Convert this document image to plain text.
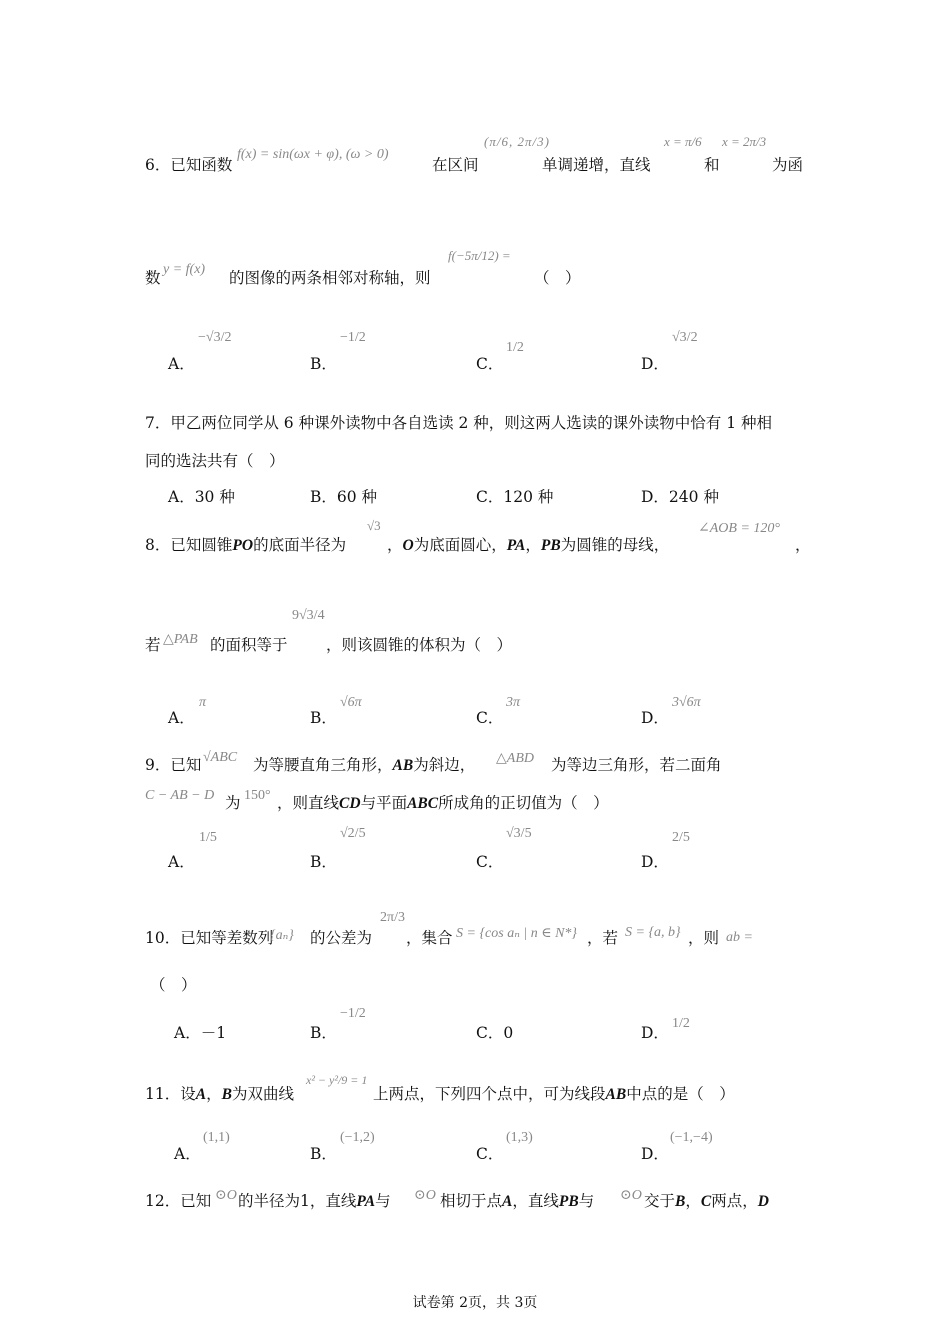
6．已知函数
f(x) = sin(ωx + φ), (ω > 0)
在区间
(π/6, 2π/3)
单调递增，直线
x = π/6
和
x = 2π/3
为函
数 y = f(x) 的图像的两条相邻对称轴，则
f(−5π/12) =
（　）
A．
−√3/2
B．
−1/2
C．
1/2
D．
√3/2
7．甲乙两位同学从 6 种课外读物中各自选读 2 种，则这两人选读的课外读物中恰有 1 种相
同的选法共有（　）
A．30 种	B．60 种	C．120 种	D．240 种
8．已知圆锥PO的底面半径为
√3
，O为底面圆心，PA，PB为圆锥的母线，
∠AOB = 120°
，
若 △PAB 的面积等于
9√3/4
，则该圆锥的体积为（　）
A．
π
B．
√6π
C．
3π
D．
3√6π
9．已知 √ABC 为等腰直角三角形，AB为斜边， △ABD 为等边三角形，若二面角
C − AB − D 为 150° ，则直线CD与平面ABC所成角的正切值为（　）
A．
1/5
B．
√2/5
C．
√3/5
D．
2/5
10．已知等差数列
{aₙ} 的公差为
2π/3
，集合 S = {cos aₙ | n ∈ N*} ，若 S = {a, b} ，则 ab =
（　）
A．－1	B．
−1/2
C．0	D．
1/2
11．设A，B为双曲线
x² − y²/9 = 1
上两点，下列四个点中，可为线段AB中点的是（　）
A．
(1,1)
B．
(−1,2)
C．
(1,3)
D．
(−1,−4)
12．已知 ⊙O 的半径为1，直线PA与 ⊙O 相切于点A，直线PB与 ⊙O 交于B，C两点，D
试卷第 2页，共 3页
